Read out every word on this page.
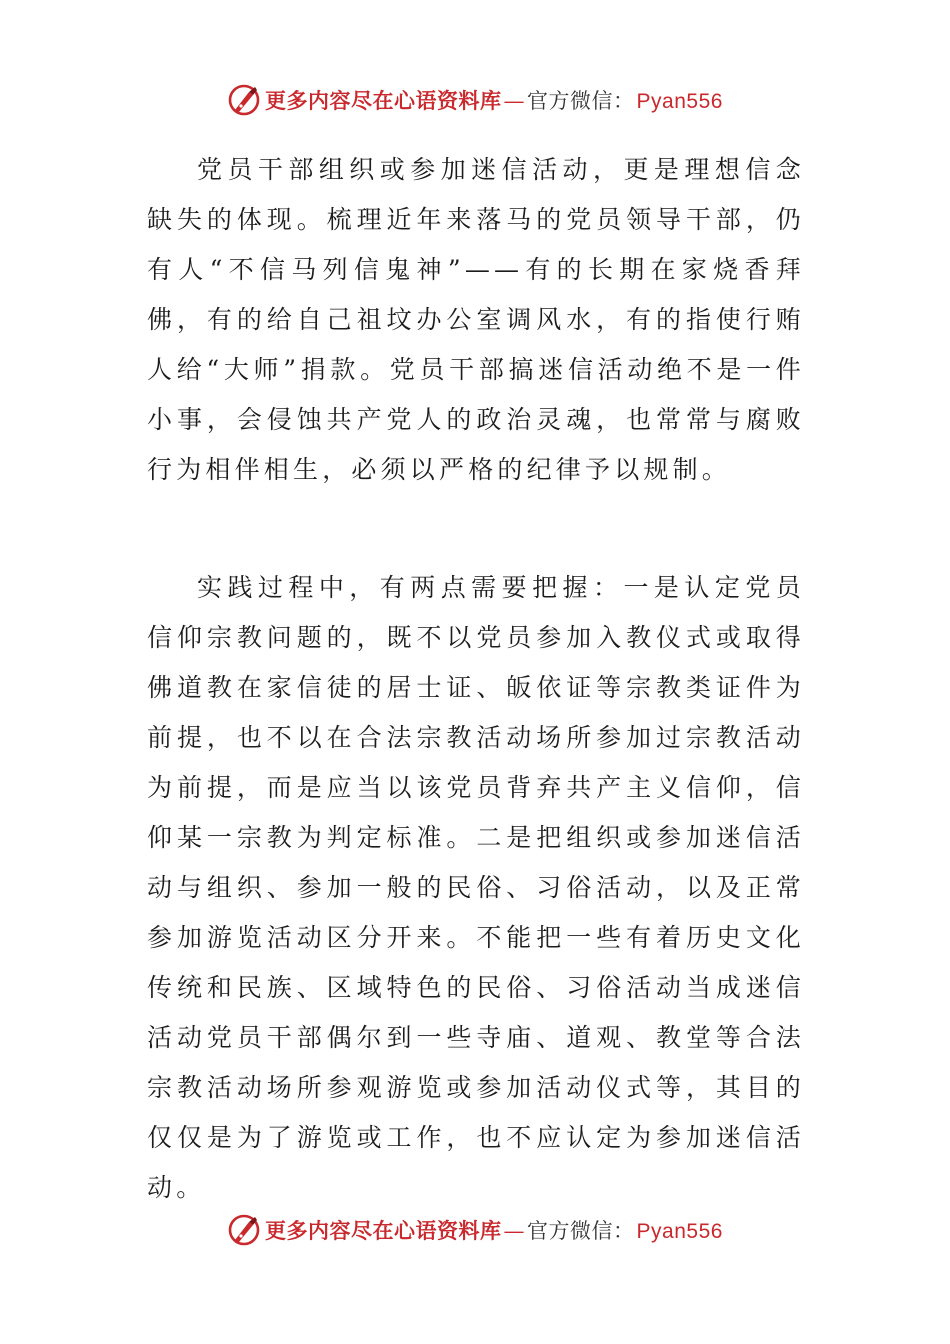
更多内容尽在心语资料库 — 官方微信： Pyan556

党员干部组织或参加迷信活动，更是理想信念缺失的体现。梳理近年来落马的党员领导干部，仍有人“不信马列信鬼神”——有的长期在家烧香拜佛，有的给自己祖坟办公室调风水，有的指使行贿人给“大师”捐款。党员干部搞迷信活动绝不是一件小事，会侵蚀共产党人的政治灵魂，也常常与腐败行为相伴相生，必须以严格的纪律予以规制。

实践过程中，有两点需要把握：一是认定党员信仰宗教问题的，既不以党员参加入教仪式或取得佛道教在家信徒的居士证、皈依证等宗教类证件为前提，也不以在合法宗教活动场所参加过宗教活动为前提，而是应当以该党员背弃共产主义信仰，信仰某一宗教为判定标准。二是把组织或参加迷信活动与组织、参加一般的民俗、习俗活动，以及正常参加游览活动区分开来。不能把一些有着历史文化传统和民族、区域特色的民俗、习俗活动当成迷信活动党员干部偶尔到一些寺庙、道观、教堂等合法宗教活动场所参观游览或参加活动仪式等，其目的仅仅是为了游览或工作，也不应认定为参加迷信活动。

更多内容尽在心语资料库 — 官方微信： Pyan556
